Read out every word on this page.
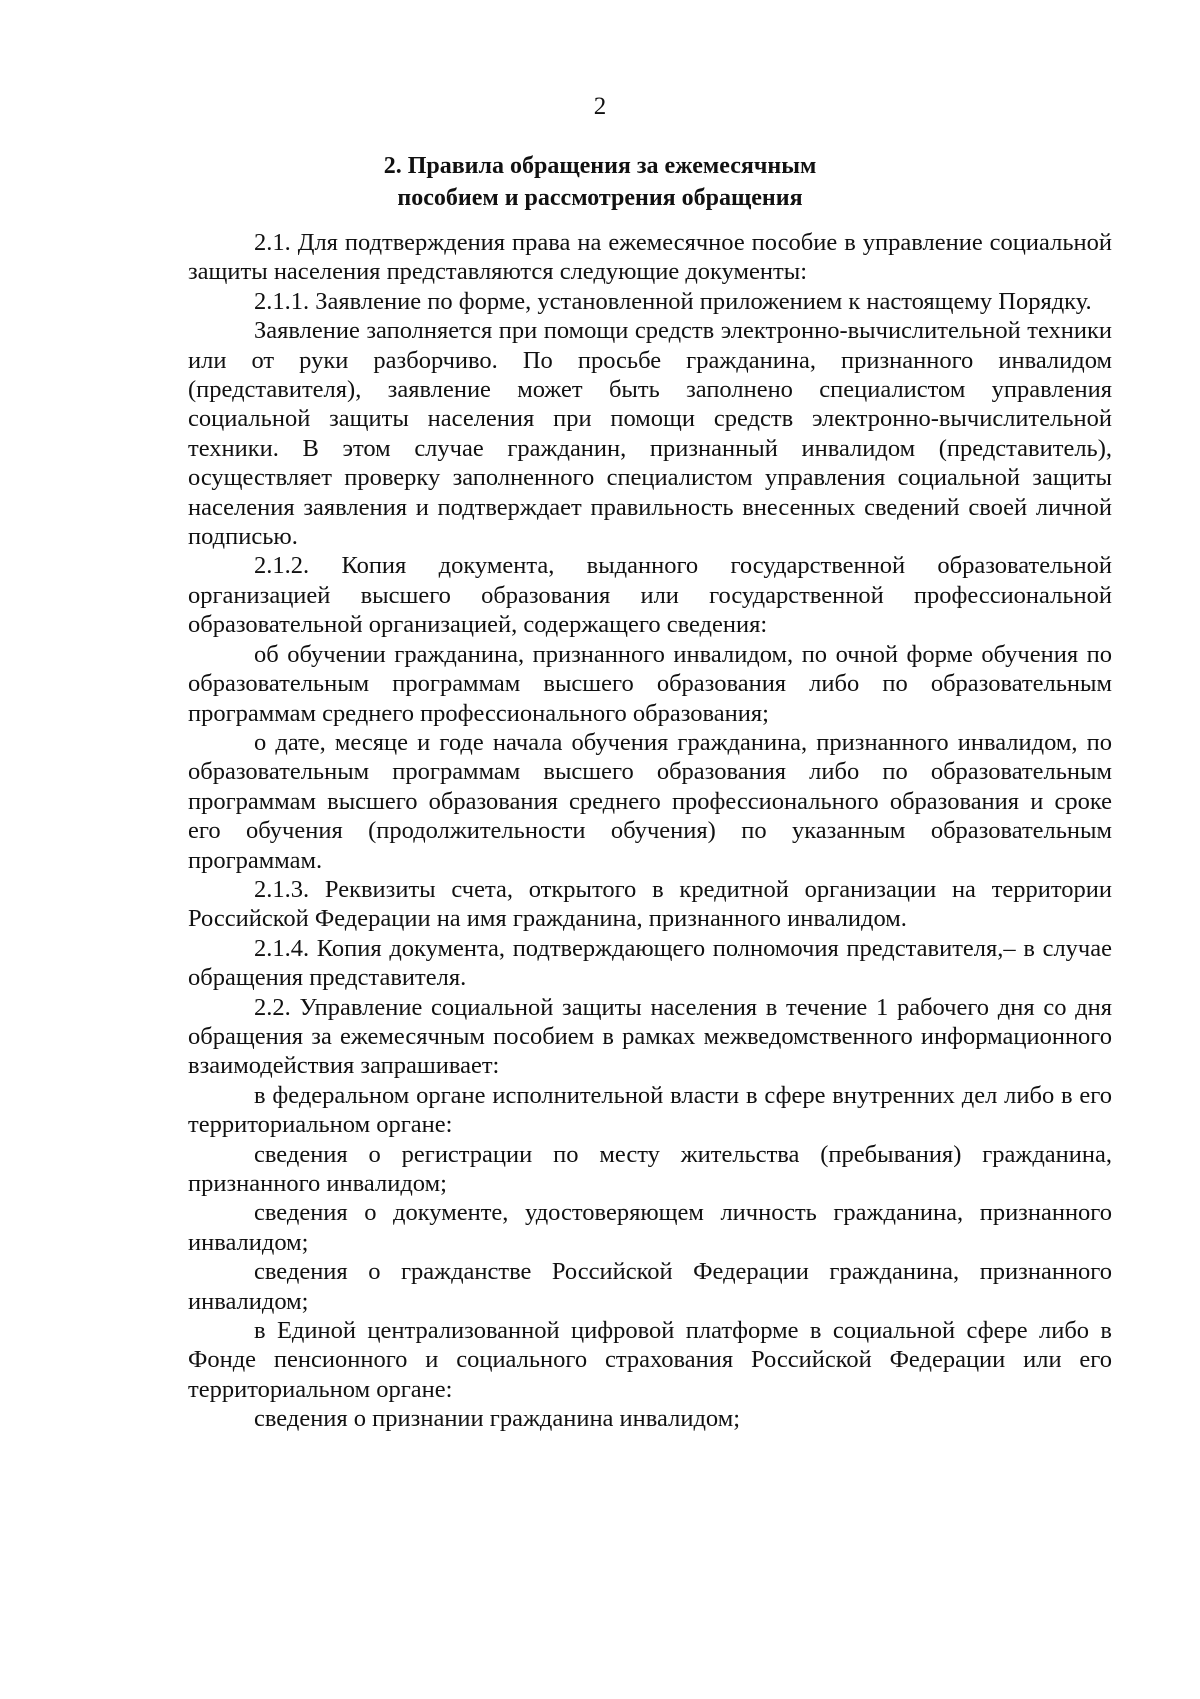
2
2. Правила обращения за ежемесячным
пособием и рассмотрения обращения

2.1. Для подтверждения права на ежемесячное пособие в управление социальной защиты населения представляются следующие документы:

2.1.1. Заявление по форме, установленной приложением к настоящему Порядку.

Заявление заполняется при помощи средств электронно-вычислительной техники или от руки разборчиво. По просьбе гражданина, признанного инвалидом (представителя), заявление может быть заполнено специалистом управления социальной защиты населения при помощи средств электронно-вычислительной техники. В этом случае гражданин, признанный инвалидом (представитель), осуществляет проверку заполненного специалистом управления социальной защиты населения заявления и подтверждает правильность внесенных сведений своей личной подписью.

2.1.2. Копия документа, выданного государственной образовательной организацией высшего образования или государственной профессиональной образовательной организацией, содержащего сведения:

об обучении гражданина, признанного инвалидом, по очной форме обучения по образовательным программам высшего образования либо по образовательным программам среднего профессионального образования;

о дате, месяце и годе начала обучения гражданина, признанного инвалидом, по образовательным программам высшего образования либо по образовательным программам высшего образования среднего профессионального образования и сроке его обучения (продолжительности обучения) по указанным образовательным программам.

2.1.3. Реквизиты счета, открытого в кредитной организации на территории Российской Федерации на имя гражданина, признанного инвалидом.

2.1.4. Копия документа, подтверждающего полномочия представителя,– в случае обращения представителя.

2.2. Управление социальной защиты населения в течение 1 рабочего дня со дня обращения за ежемесячным пособием в рамках межведомственного информационного взаимодействия запрашивает:

в федеральном органе исполнительной власти в сфере внутренних дел либо в его территориальном органе:

сведения о регистрации по месту жительства (пребывания) гражданина, признанного инвалидом;

сведения о документе, удостоверяющем личность гражданина, признанного инвалидом;

сведения о гражданстве Российской Федерации гражданина, признанного инвалидом;

в Единой централизованной цифровой платформе в социальной сфере либо в Фонде пенсионного и социального страхования Российской Федерации или его территориальном органе:

сведения о признании гражданина инвалидом;
